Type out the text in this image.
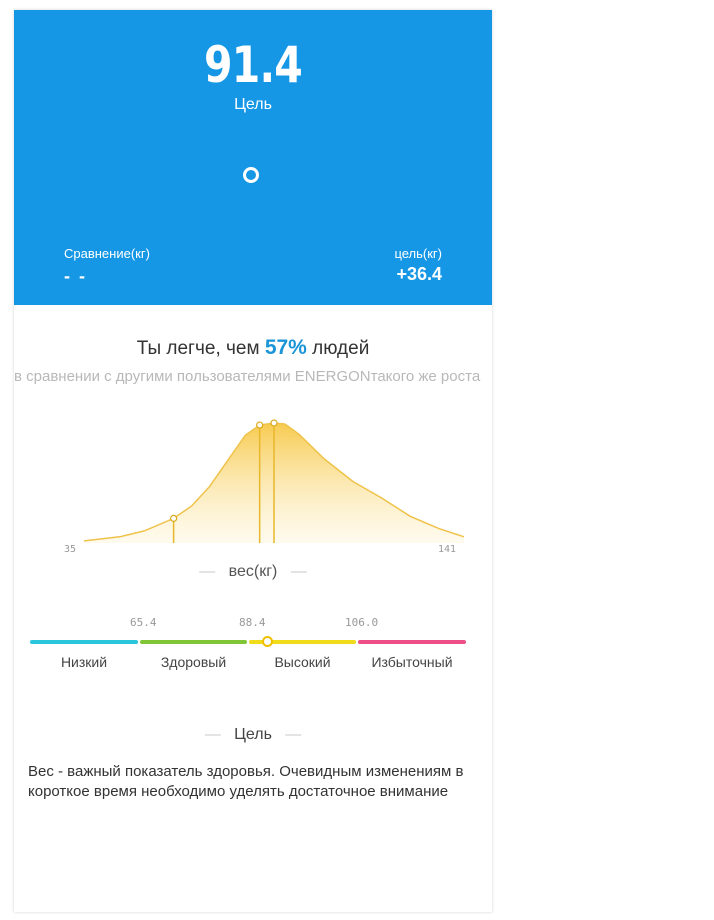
91.4
Цель
Сравнение(кг)
- -
цель(кг)
+36.4
Ты легче, чем 57% людей
в сравнении с другими пользователями ENERGONтакого же роста
35	141
—   вес(кг)   —
65.4	88.4	106.0
Низкий	Здоровый	Высокий	Избыточный
—   Цель   —
Вес - важный показатель здоровья. Очевидным изменениям в короткое время необходимо уделять достаточное внимание
